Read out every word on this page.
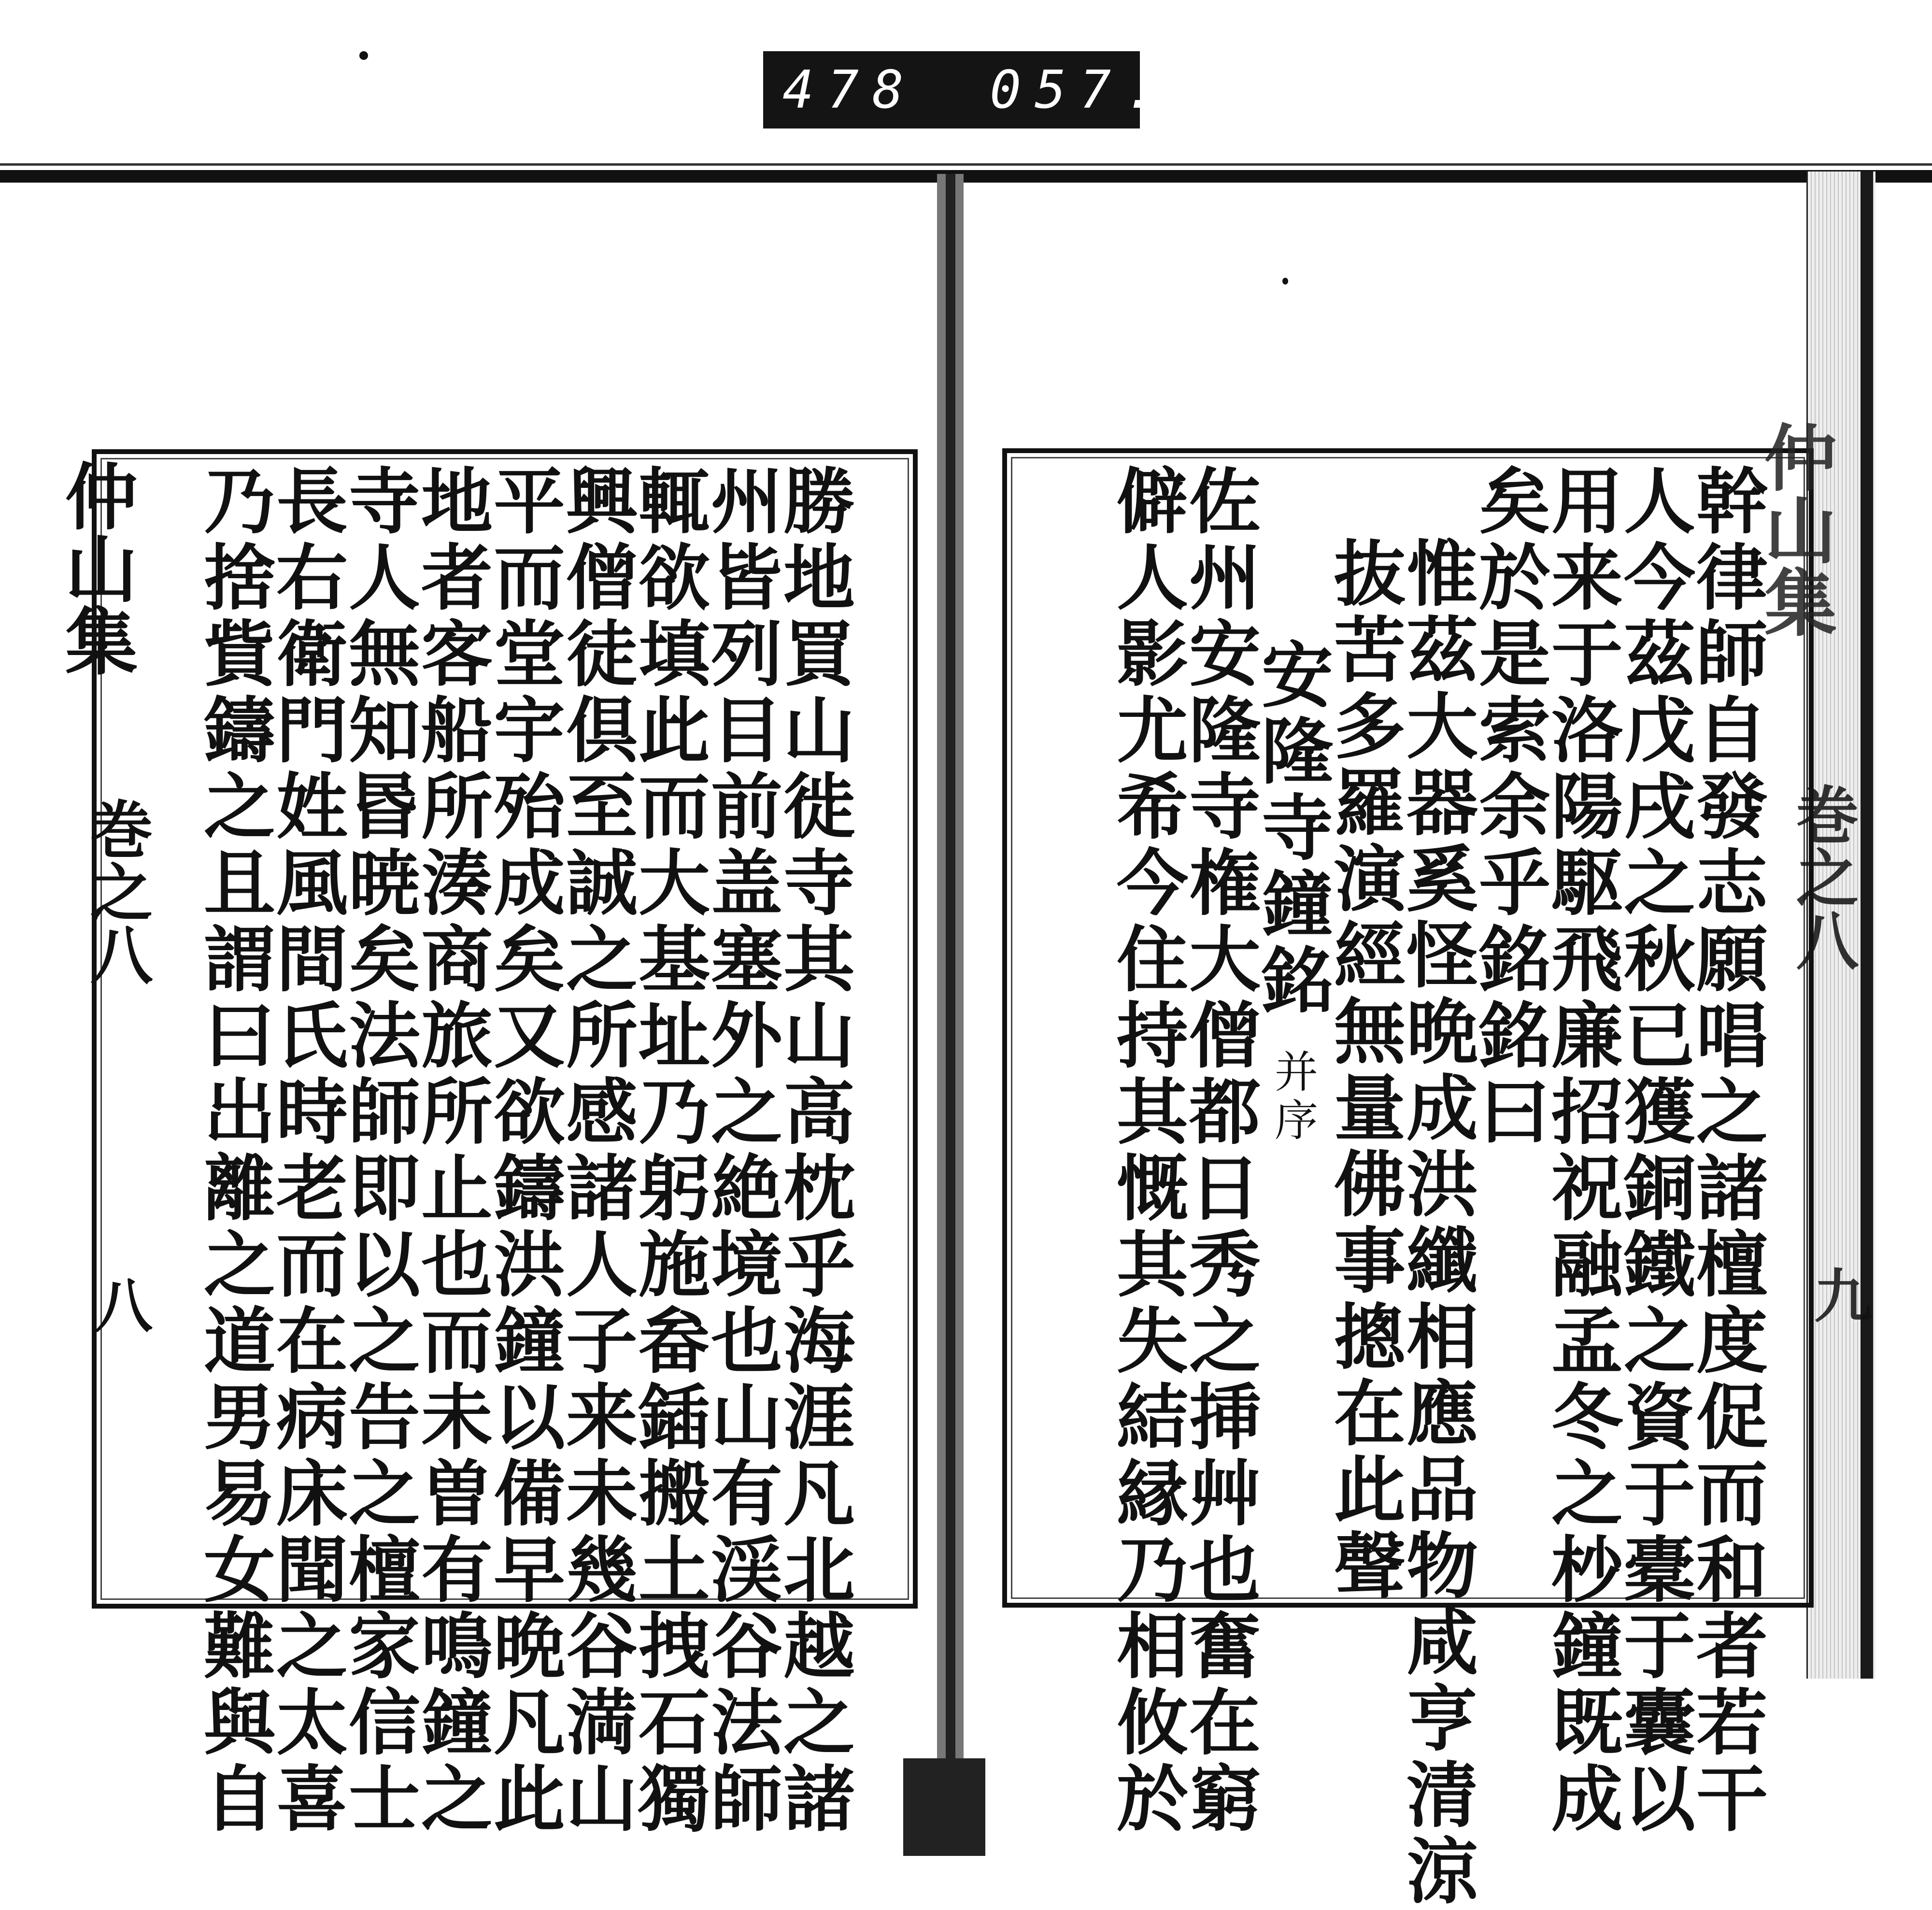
478 057.
仲山集
巻之八
八	勝地買山徙寺其山高枕乎海涯凡北越之諸
州皆列目前盖塞外之絶境也山有渓谷法師
輒欲填此而大基址乃躬施畚鍤搬土拽石獨
興僧徒倶至誠之所感諸人子来未幾谷満山
平而堂宇殆成矣又欲鑄洪鐘以備早晩凡此
地者客船所湊商旅所止也而未曽有鳴鐘之
寺人無知昬暁矣法師即以之告之檀家信士
長右衛門姓風間氏時老而在病床聞之太喜
乃捨貲鑄之且謂曰出離之道男易女難與自	仲山集
巻之八
九
幹律師自發志願唱之諸檀度促而和者若干
人今茲戊戌之秋已獲銅鐵之資于橐于囊以
用来于洛陽駆飛廉招祝融孟冬之杪鐘既成
矣於是索余乎銘銘曰
惟茲大器奚怪晩成洪纖相應品物咸亨清涼
抜苦多羅演經無量佛事摠在此聲
安隆寺鐘銘 并序
佐州安隆寺権大僧都日秀之挿艸也奮在窮
僻人影尤希今住持其慨其失結縁乃相攸於
